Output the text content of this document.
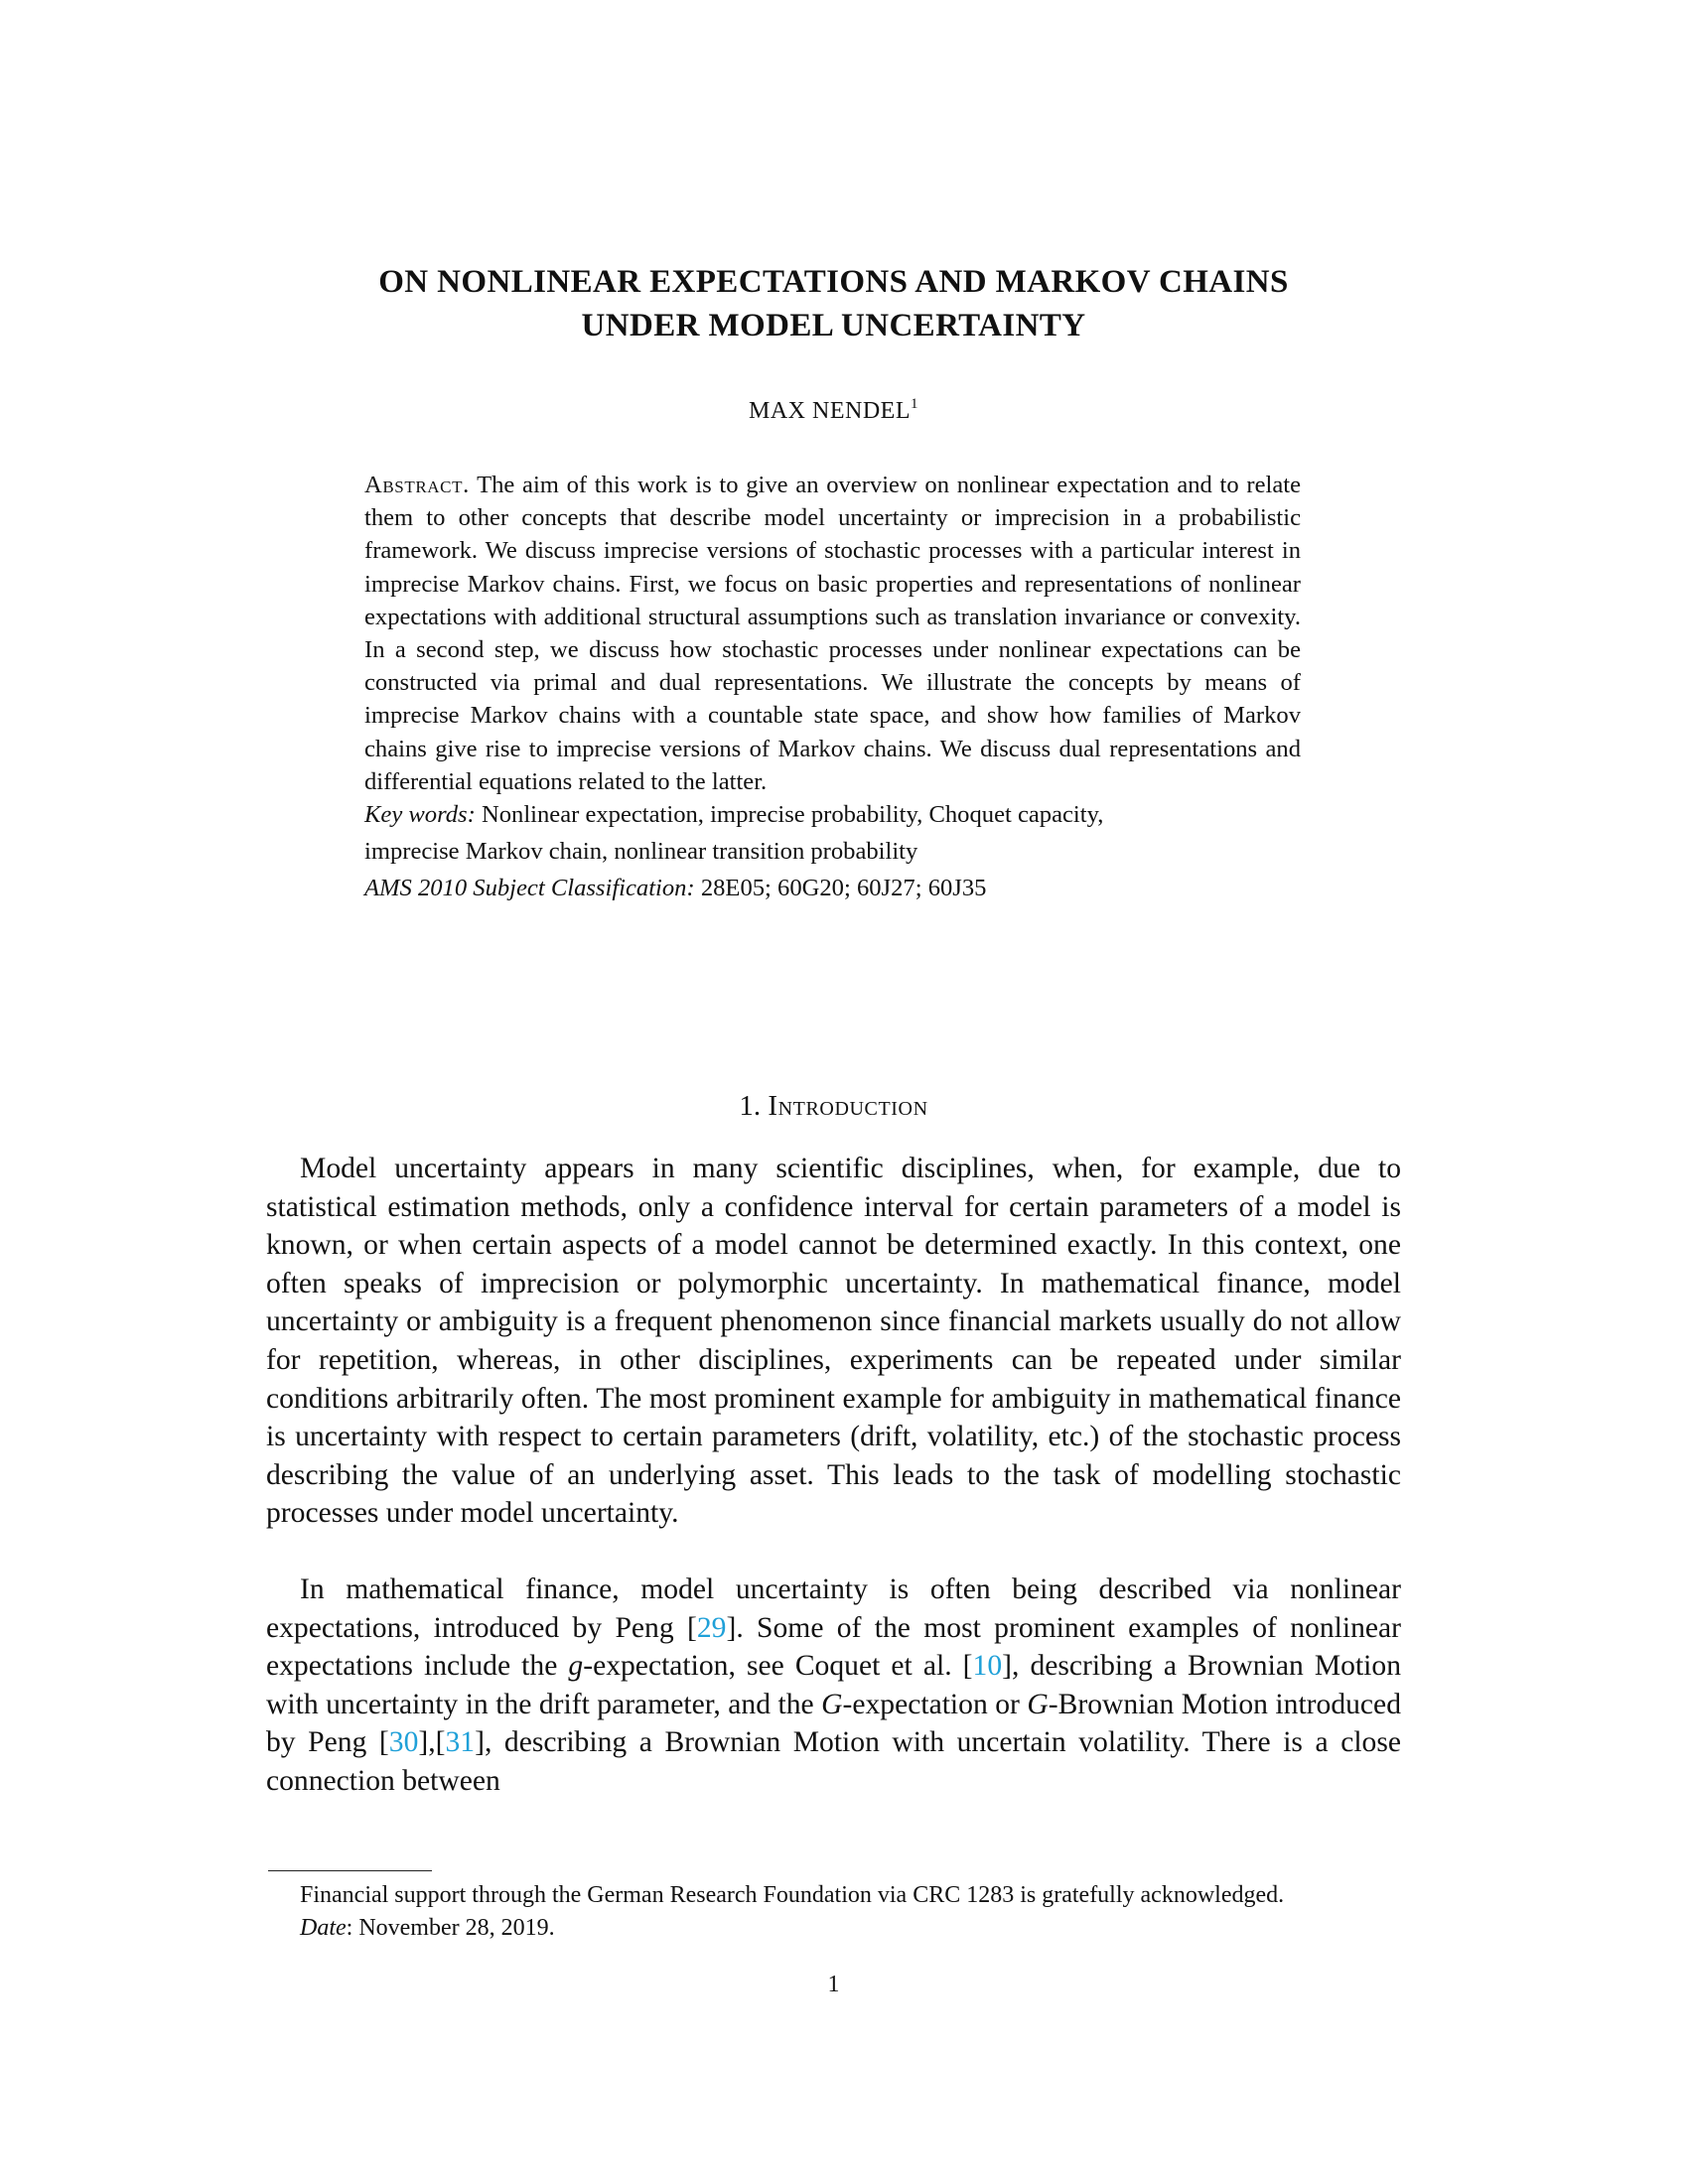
ON NONLINEAR EXPECTATIONS AND MARKOV CHAINS
UNDER MODEL UNCERTAINTY
MAX NENDEL$^1$

Abstract. The aim of this work is to give an overview on nonlinear expectation and to relate them to other concepts that describe model uncertainty or imprecision in a probabilistic framework. We discuss imprecise versions of stochastic processes with a particular interest in imprecise Markov chains. First, we focus on basic properties and representations of nonlinear expectations with additional structural assumptions such as translation invariance or convexity. In a second step, we discuss how stochastic processes under nonlinear expectations can be constructed via primal and dual representations. We illustrate the concepts by means of imprecise Markov chains with a countable state space, and show how families of Markov chains give rise to imprecise versions of Markov chains. We discuss dual representations and differential equations related to the latter.

Key words: Nonlinear expectation, imprecise probability, Choquet capacity,

imprecise Markov chain, nonlinear transition probability

AMS 2010 Subject Classification: 28E05; 60G20; 60J27; 60J35

1. Introduction

Model uncertainty appears in many scientific disciplines, when, for example, due to statistical estimation methods, only a confidence interval for certain parameters of a model is known, or when certain aspects of a model cannot be determined exactly. In this context, one often speaks of imprecision or polymorphic uncertainty. In mathematical finance, model uncertainty or ambiguity is a frequent phenomenon since financial markets usually do not allow for repetition, whereas, in other disciplines, experiments can be repeated under similar conditions arbitrarily often. The most prominent example for ambiguity in mathematical finance is uncertainty with respect to certain parameters (drift, volatility, etc.) of the stochastic process describing the value of an underlying asset. This leads to the task of modelling stochastic processes under model uncertainty.

In mathematical finance, model uncertainty is often being described via nonlinear expectations, introduced by Peng [29]. Some of the most prominent examples of nonlinear expectations include the g-expectation, see Coquet et al. [10], describing a Brownian Motion with uncertainty in the drift parameter, and the G-expectation or G-Brownian Motion introduced by Peng [30],[31], describing a Brownian Motion with uncertain volatility. There is a close connection between

Financial support through the German Research Foundation via CRC 1283 is gratefully acknowledged.

Date: November 28, 2019.

1
